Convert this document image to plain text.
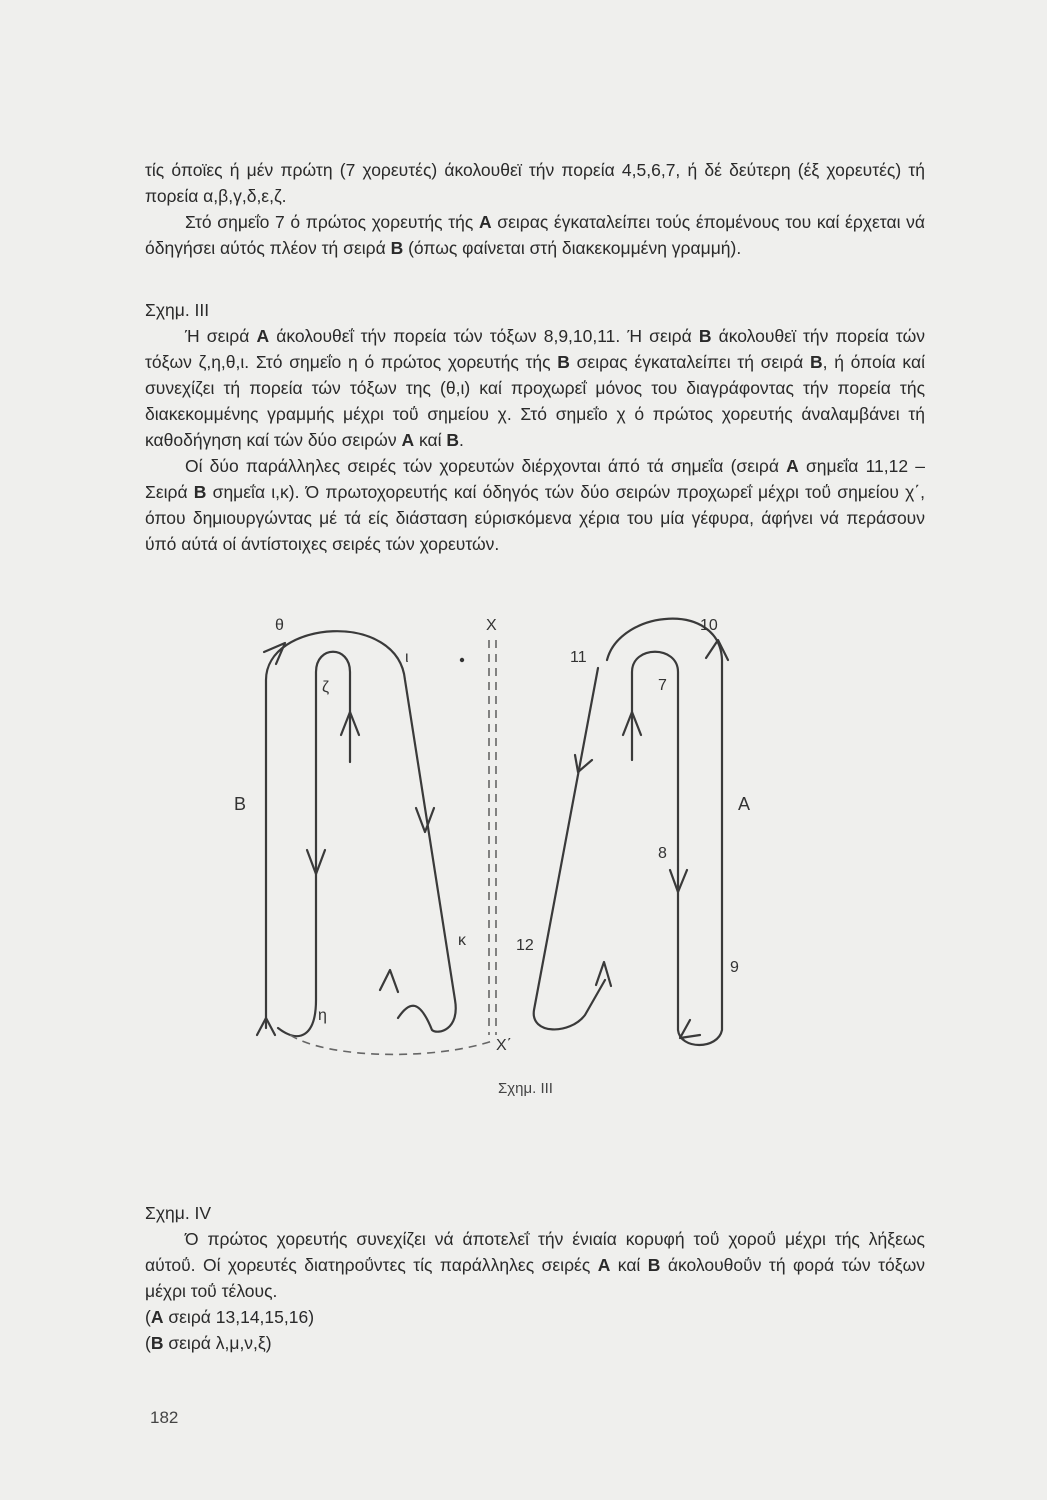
τίς όποϊες ή μέν πρώτη (7 χορευτές) άκολουθεϊ τήν πορεία 4,5,6,7, ή δέ δεύτερη (έξ χορευτές) τή πορεία α,β,γ,δ,ε,ζ.

Στό σημεΐο 7 ό πρώτος χορευτής τής Α σειρας έγκαταλείπει τούς έπομένους του καί έρχεται νά όδηγήσει αύτός πλέον τή σειρά Β (όπως φαίνεται στή διακεκομμένη γραμμή).

Σχημ. ΙΙΙ

Ή σειρά Α άκολουθεΐ τήν πορεία τών τόξων 8,9,10,11. Ή σειρά Β άκολουθεϊ τήν πορεία τών τόξων ζ,η,θ,ι. Στό σημεΐο η ό πρώτος χορευτής τής Β σειρας έγκαταλείπει τή σειρά Β, ή όποία καί συνεχίζει τή πορεία τών τόξων της (θ,ι) καί προχωρεΐ μόνος του διαγράφοντας τήν πορεία τής διακεκομμένης γραμμής μέχρι τοΰ σημείου χ. Στό σημεΐο χ ό πρώτος χορευτής άναλαμβάνει τή καθοδήγηση καί τών δύο σειρών Α καί Β.

Οί δύο παράλληλες σειρές τών χορευτών διέρχονται άπό τά σημεΐα (σειρά Α σημεΐα 11,12 – Σειρά Β σημεΐα ι,κ). Ό πρωτοχορευτής καί όδηγός τών δύο σειρών προχωρεΐ μέχρι τοΰ σημείου χ΄, όπου δημιουργώντας μέ τά είς διάσταση εύρισκόμενα χέρια του μία γέφυρα, άφήνει νά περάσουν ύπό αύτά οί άντίστοιχες σειρές τών χορευτών.

θ
ι
ζ
Β
κ
η
Χ
Χ΄
10
11
7
Α
8
12
9
Σχημ. ΙΙΙ

Σχημ. ΙV

Ό πρώτος χορευτής συνεχίζει νά άποτελεΐ τήν ένιαία κορυφή τοΰ χοροΰ μέχρι τής λήξεως αύτοΰ. Οί χορευτές διατηροΰντες τίς παράλληλες σειρές Α καί Β άκολουθοΰν τή φορά τών τόξων μέχρι τοΰ τέλους.

(Α σειρά 13,14,15,16)

(Β σειρά λ,μ,ν,ξ)

182
